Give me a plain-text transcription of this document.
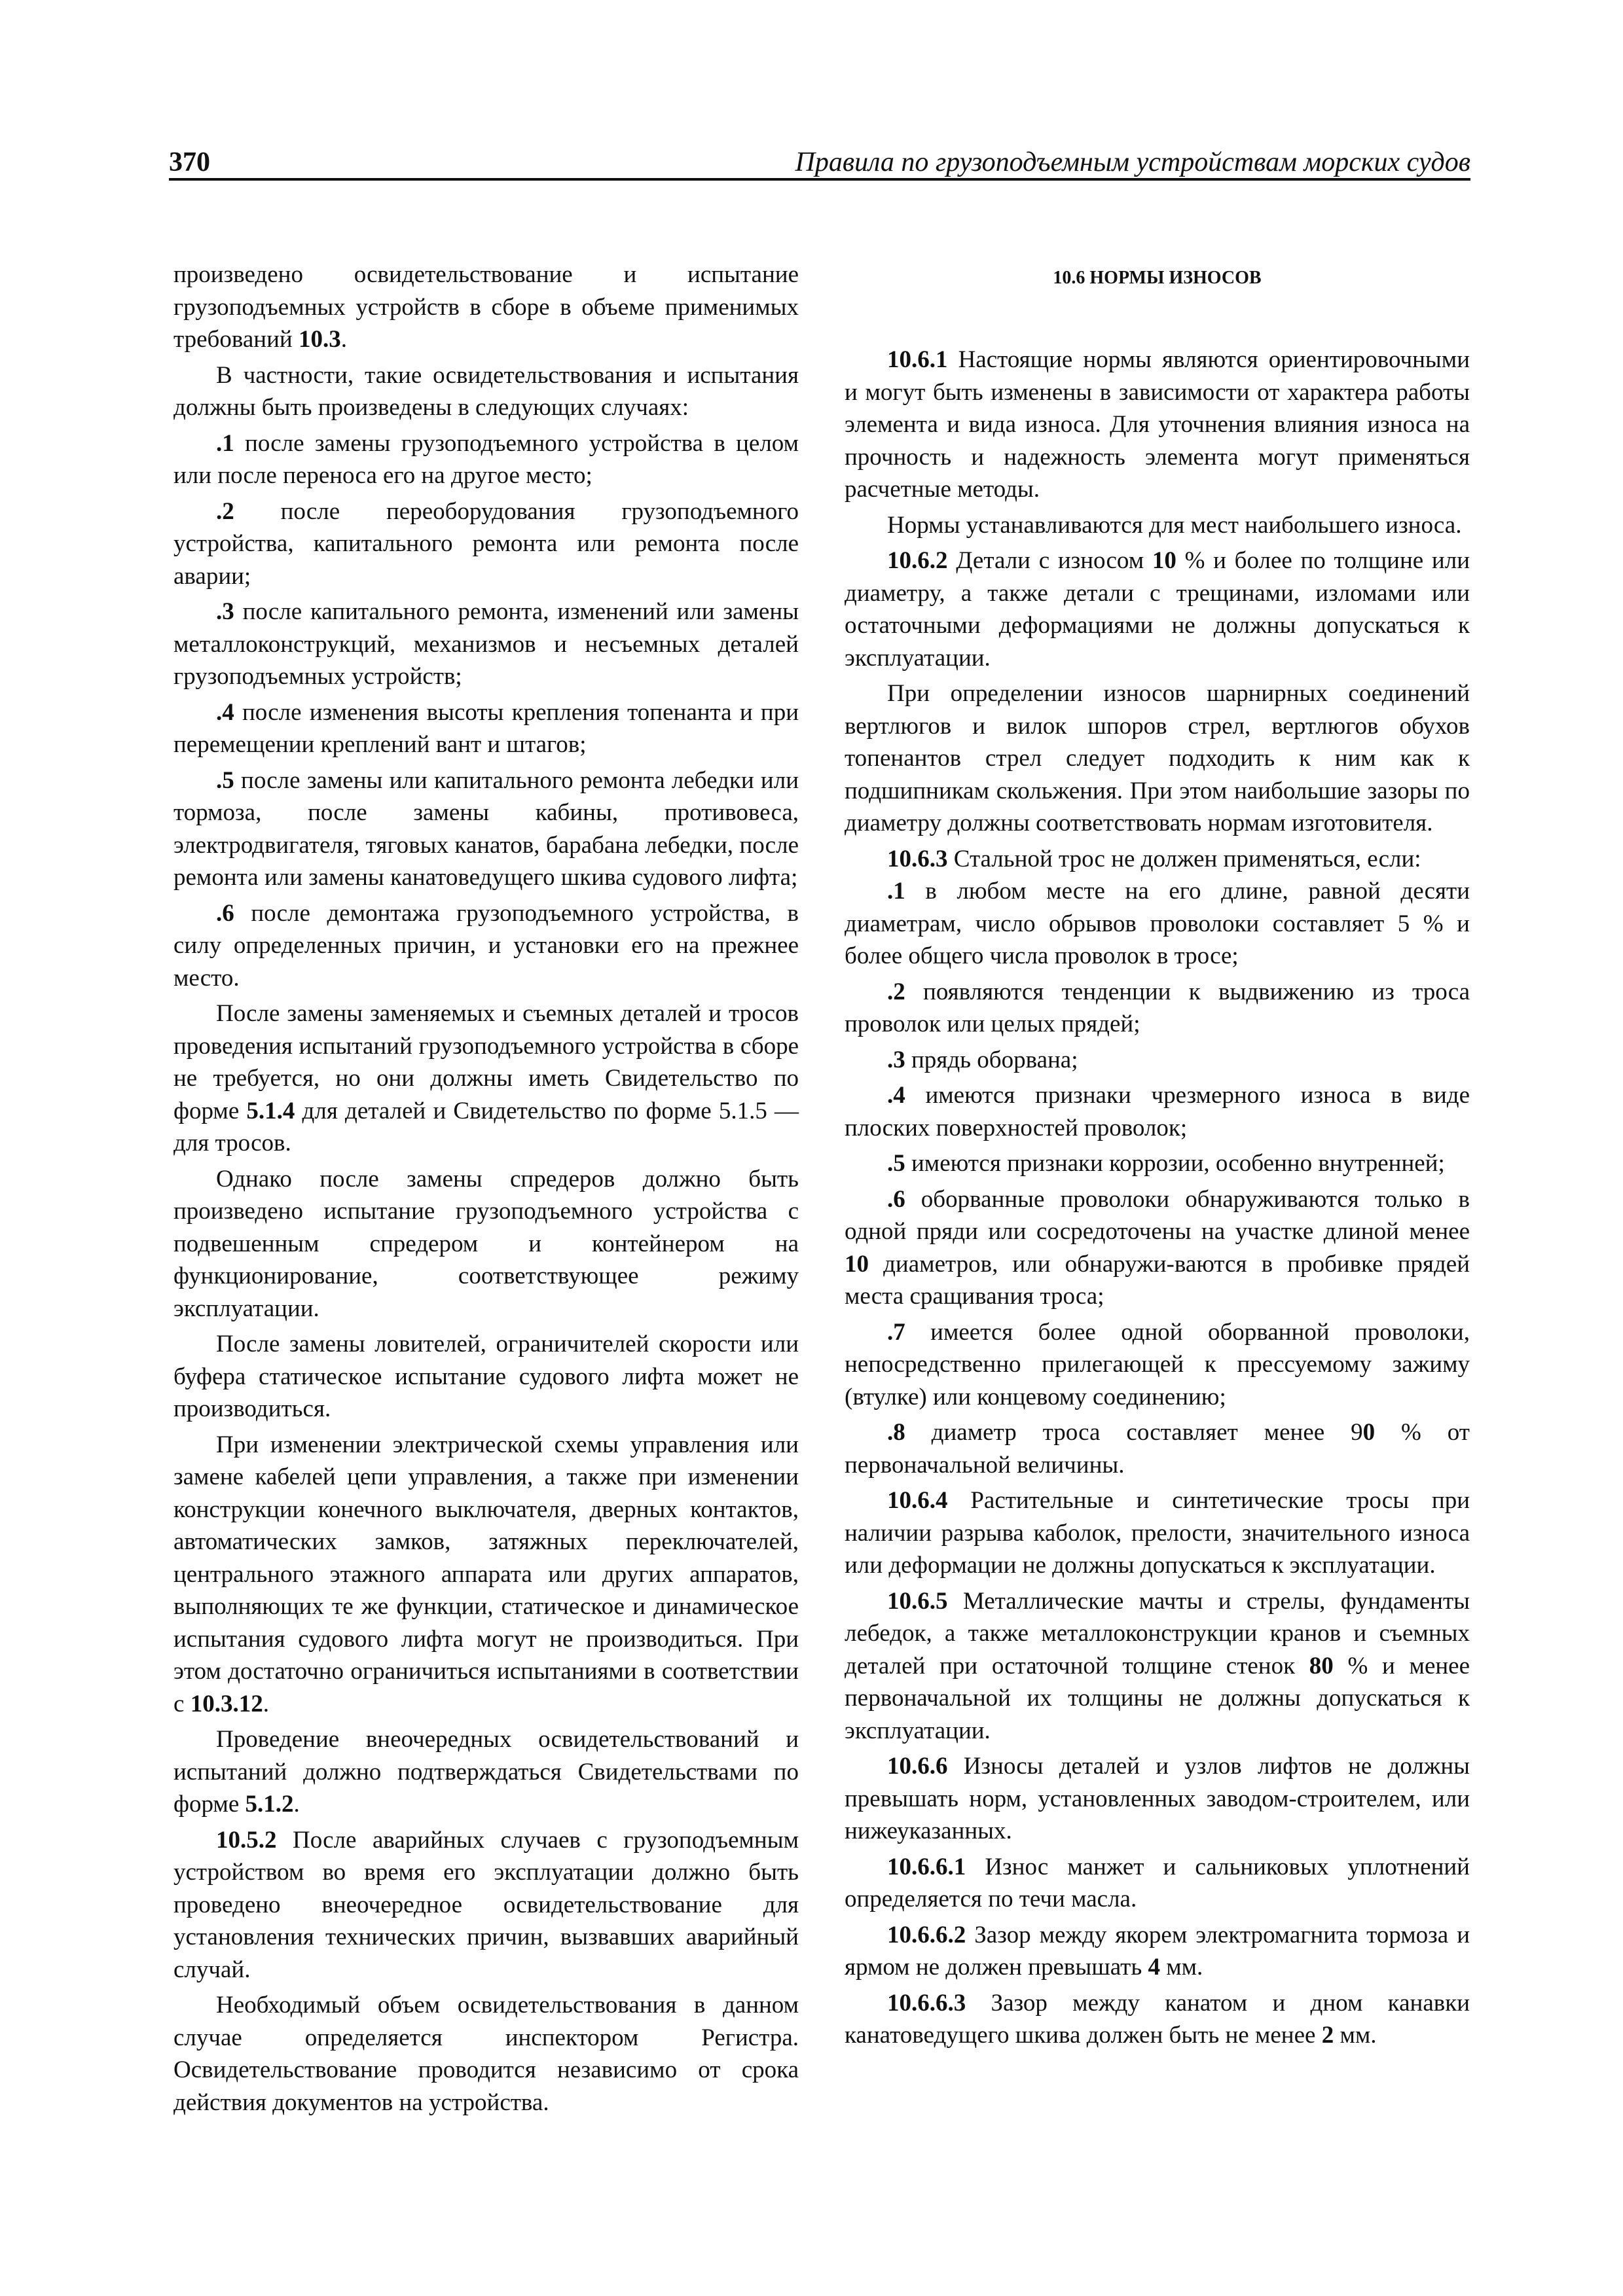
370	Правила по грузоподъемным устройствам морских судов

произведено освидетельствование и испытание грузоподъемных устройств в сборе в объеме применимых требований 10.3.

В частности, такие освидетельствования и испытания должны быть произведены в следующих случаях:

.1 после замены грузоподъемного устройства в целом или после переноса его на другое место;

.2 после переоборудования грузоподъемного устройства, капитального ремонта или ремонта после аварии;

.3 после капитального ремонта, изменений или замены металлоконструкций, механизмов и несъемных деталей грузоподъемных устройств;

.4 после изменения высоты крепления топенанта и при перемещении креплений вант и штагов;

.5 после замены или капитального ремонта лебедки или тормоза, после замены кабины, противовеса, электродвигателя, тяговых канатов, барабана лебедки, после ремонта или замены канатоведущего шкива судового лифта;

.6 после демонтажа грузоподъемного устройства, в силу определенных причин, и установки его на прежнее место.

После замены заменяемых и съемных деталей и тросов проведения испытаний грузоподъемного устройства в сборе не требуется, но они должны иметь Свидетельство по форме 5.1.4 для деталей и Свидетельство по форме 5.1.5 — для тросов.

Однако после замены спредеров должно быть произведено испытание грузоподъемного устройства с подвешенным спредером и контейнером на функционирование, соответствующее режиму эксплуатации.

После замены ловителей, ограничителей скорости или буфера статическое испытание судового лифта может не производиться.

При изменении электрической схемы управления или замене кабелей цепи управления, а также при изменении конструкции конечного выключателя, дверных контактов, автоматических замков, затяжных переключателей, центрального этажного аппарата или других аппаратов, выполняющих те же функции, статическое и динамическое испытания судового лифта могут не производиться. При этом достаточно ограничиться испытаниями в соответствии с 10.3.12.

Проведение внеочередных освидетельствований и испытаний должно подтверждаться Свидетельствами по форме 5.1.2.

10.5.2 После аварийных случаев с грузоподъемным устройством во время его эксплуатации должно быть проведено внеочередное освидетельствование для установления технических причин, вызвавших аварийный случай.

Необходимый объем освидетельствования в данном случае определяется инспектором Регистра. Освидетельствование проводится независимо от срока действия документов на устройства.

10.6 НОРМЫ ИЗНОСОВ

10.6.1 Настоящие нормы являются ориентировочными и могут быть изменены в зависимости от характера работы элемента и вида износа. Для уточнения влияния износа на прочность и надежность элемента могут применяться расчетные методы.

Нормы устанавливаются для мест наибольшего износа.

10.6.2 Детали с износом 10 % и более по толщине или диаметру, а также детали с трещинами, изломами или остаточными деформациями не должны допускаться к эксплуатации.

При определении износов шарнирных соединений вертлюгов и вилок шпоров стрел, вертлюгов обухов топенантов стрел следует подходить к ним как к подшипникам скольжения. При этом наибольшие зазоры по диаметру должны соответствовать нормам изготовителя.

10.6.3 Стальной трос не должен применяться, если:

.1 в любом месте на его длине, равной десяти диаметрам, число обрывов проволоки составляет 5 % и более общего числа проволок в тросе;

.2 появляются тенденции к выдвижению из троса проволок или целых прядей;

.3 прядь оборвана;

.4 имеются признаки чрезмерного износа в виде плоских поверхностей проволок;

.5 имеются признаки коррозии, особенно внутренней;

.6 оборванные проволоки обнаруживаются только в одной пряди или сосредоточены на участке длиной менее 10 диаметров, или обнаружи-ваются в пробивке прядей места сращивания троса;

.7 имеется более одной оборванной проволоки, непосредственно прилегающей к прессуемому зажиму (втулке) или концевому соединению;

.8 диаметр троса составляет менее 90 % от первоначальной величины.

10.6.4 Растительные и синтетические тросы при наличии разрыва каболок, прелости, значительного износа или деформации не должны допускаться к эксплуатации.

10.6.5 Металлические мачты и стрелы, фундаменты лебедок, а также металлоконструкции кранов и съемных деталей при остаточной толщине стенок 80 % и менее первоначальной их толщины не должны допускаться к эксплуатации.

10.6.6 Износы деталей и узлов лифтов не должны превышать норм, установленных заводом-строителем, или нижеуказанных.

10.6.6.1 Износ манжет и сальниковых уплотнений определяется по течи масла.

10.6.6.2 Зазор между якорем электромагнита тормоза и ярмом не должен превышать 4 мм.

10.6.6.3 Зазор между канатом и дном канавки канатоведущего шкива должен быть не менее 2 мм.
